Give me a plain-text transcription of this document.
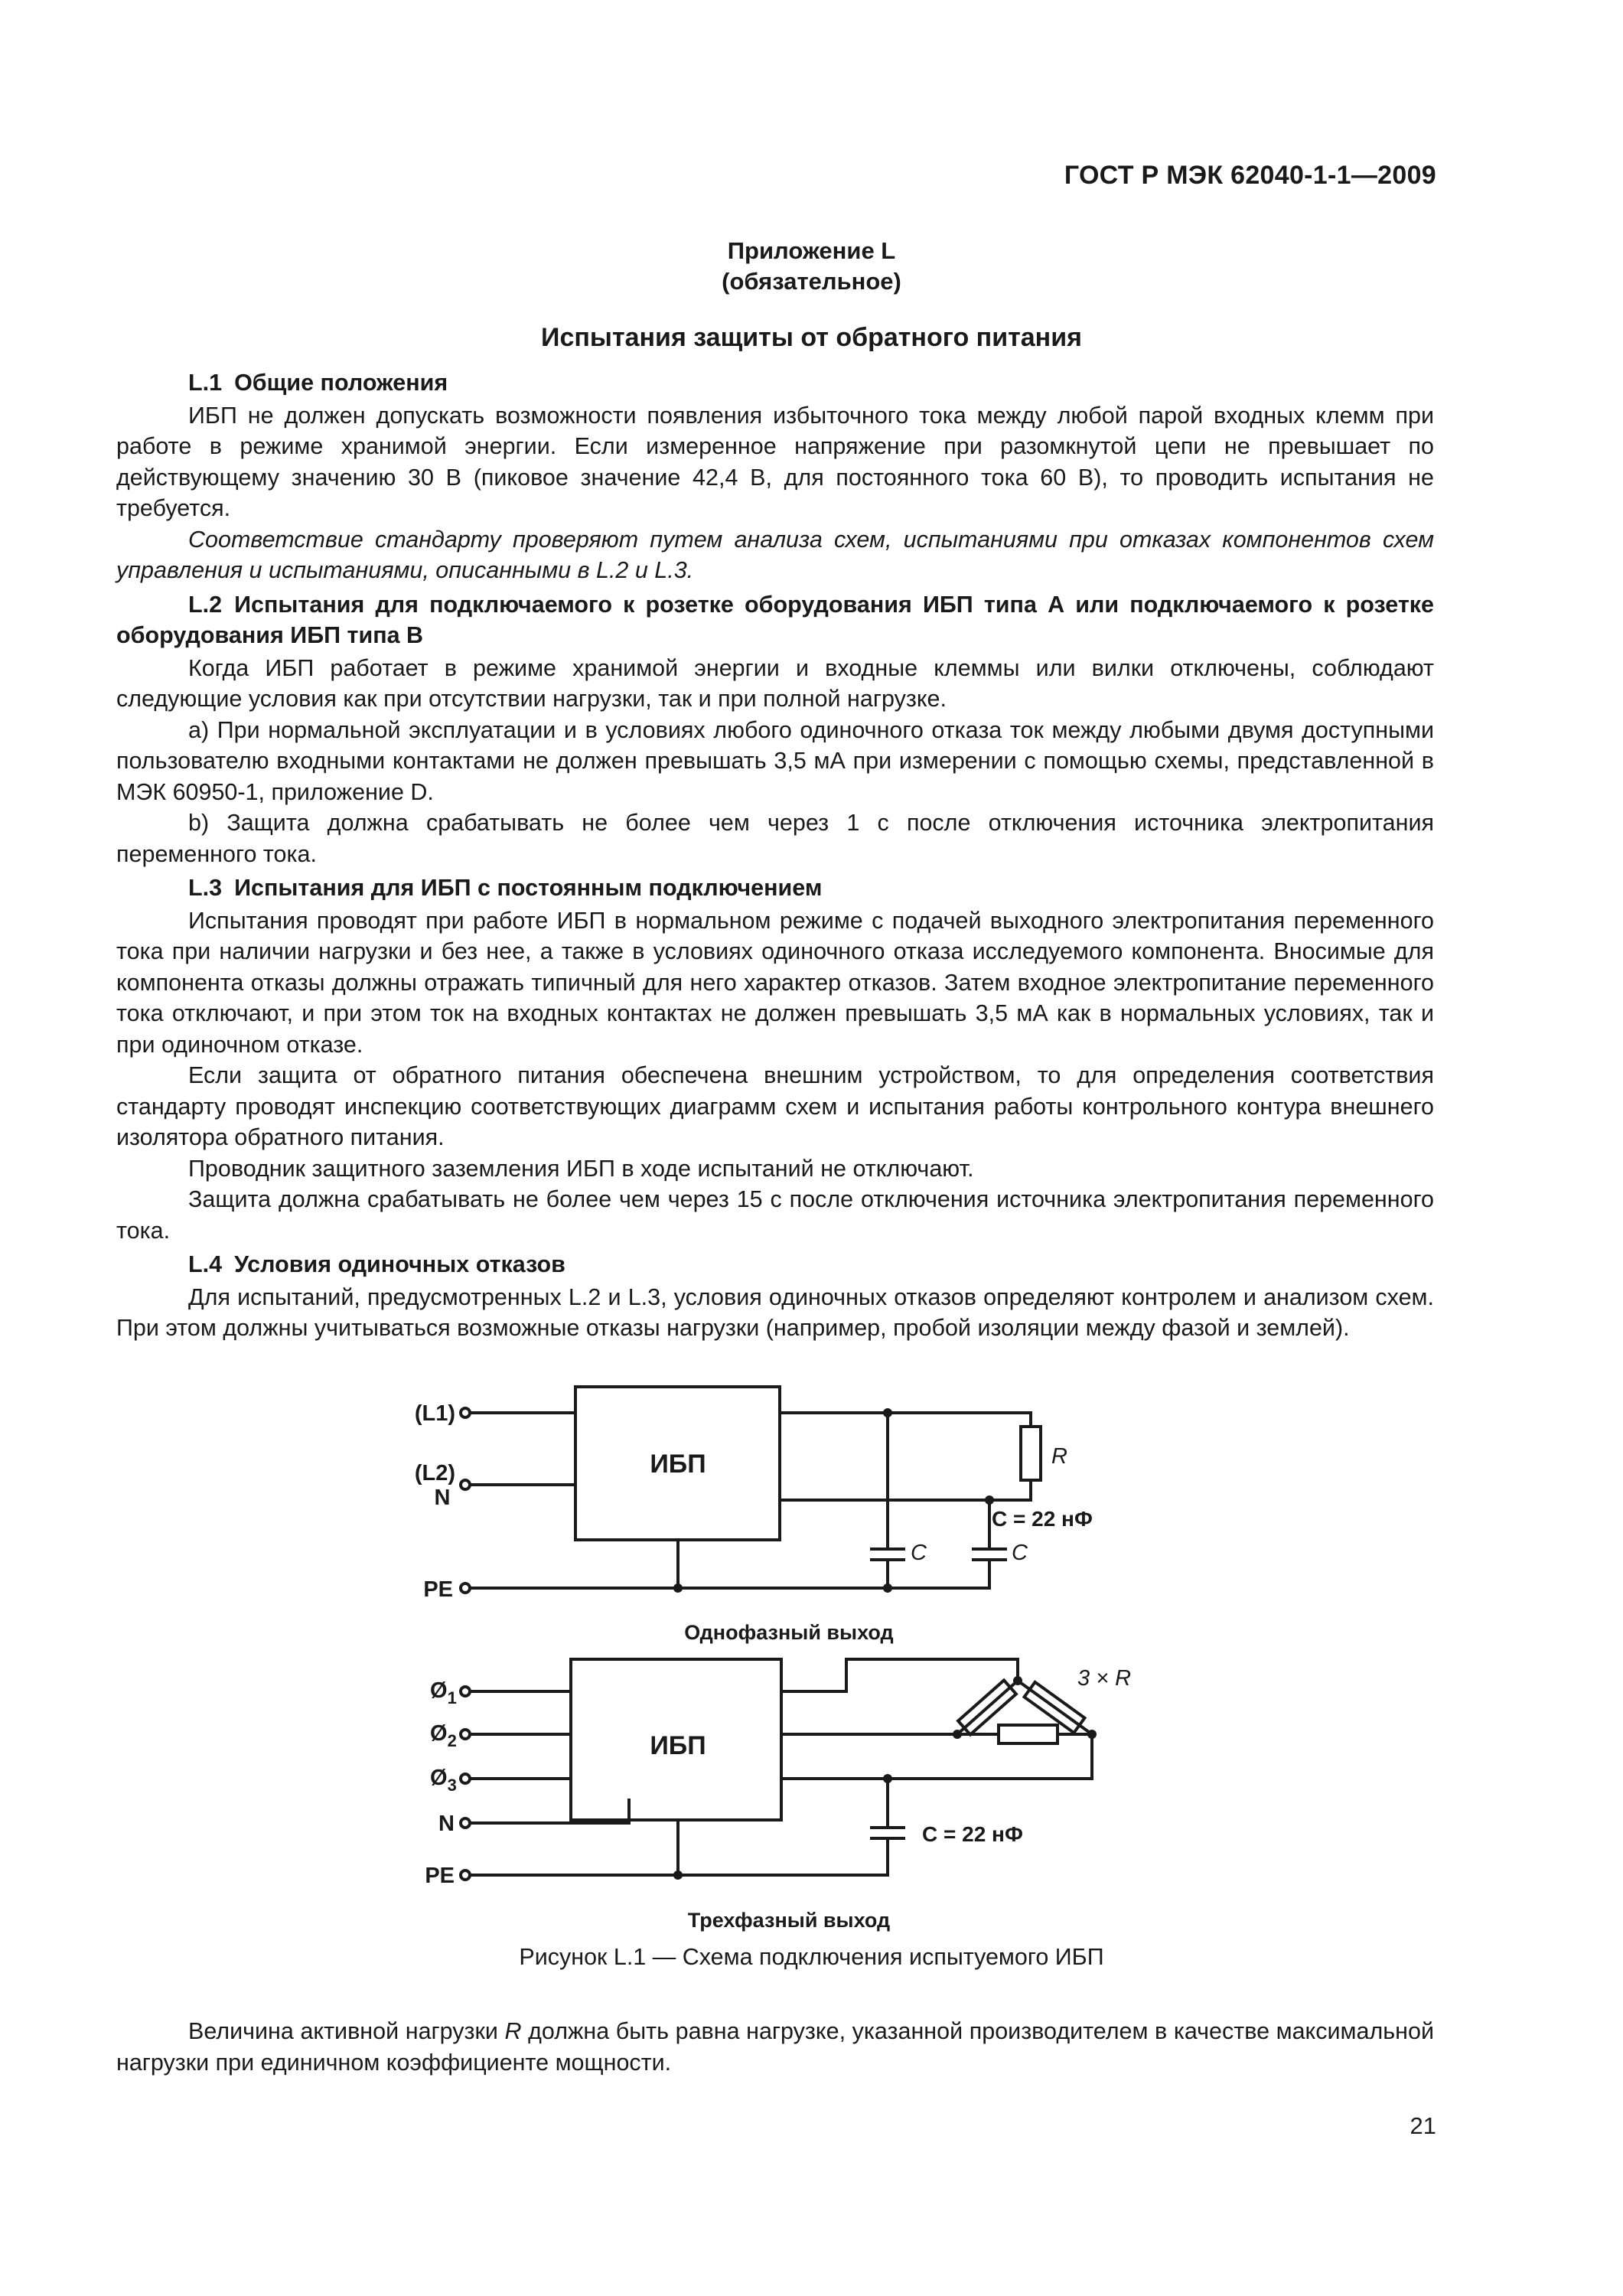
ГОСТ Р МЭК 62040-1-1—2009
Приложение L
(обязательное)
Испытания защиты от обратного питания
L.1 Общие положения

ИБП не должен допускать возможности появления избыточного тока между любой парой входных клемм при работе в режиме хранимой энергии. Если измеренное напряжение при разомкнутой цепи не превышает по действующему значению 30 В (пиковое значение 42,4 В, для постоянного тока 60 В), то проводить испытания не требуется.

Соответствие стандарту проверяют путем анализа схем, испытаниями при отказах компонентов схем управления и испытаниями, описанными в L.2 и L.3.

L.2 Испытания для подключаемого к розетке оборудования ИБП типа А или подключаемого к розетке оборудования ИБП типа В

Когда ИБП работает в режиме хранимой энергии и входные клеммы или вилки отключены, соблюдают следующие условия как при отсутствии нагрузки, так и при полной нагрузке.

a) При нормальной эксплуатации и в условиях любого одиночного отказа ток между любыми двумя доступными пользователю входными контактами не должен превышать 3,5 мА при измерении с помощью схемы, представленной в МЭК 60950-1, приложение D.

b) Защита должна срабатывать не более чем через 1 с после отключения источника электропитания переменного тока.

L.3 Испытания для ИБП с постоянным подключением

Испытания проводят при работе ИБП в нормальном режиме с подачей выходного электропитания переменного тока при наличии нагрузки и без нее, а также в условиях одиночного отказа исследуемого компонента. Вносимые для компонента отказы должны отражать типичный для него характер отказов. Затем входное электропитание переменного тока отключают, и при этом ток на входных контактах не должен превышать 3,5 мА как в нормальных условиях, так и при одиночном отказе.

Если защита от обратного питания обеспечена внешним устройством, то для определения соответствия стандарту проводят инспекцию соответствующих диаграмм схем и испытания работы контрольного контура внешнего изолятора обратного питания.

Проводник защитного заземления ИБП в ходе испытаний не отключают.

Защита должна срабатывать не более чем через 15 с после отключения источника электропитания переменного тока.

L.4 Условия одиночных отказов

Для испытаний, предусмотренных L.2 и L.3, условия одиночных отказов определяют контролем и анализом схем. При этом должны учитываться возможные отказы нагрузки (например, пробой изоляции между фазой и землей).

ИБП
(L1)
(L2)
N
PE
R
C = 22 нФ
C	C
Однофазный выход
ИБП
$Ø_1$
$Ø_2$
$Ø_3$
N
PE
3 × R
C = 22 нФ
Трехфазный выход
Рисунок L.1 — Схема подключения испытуемого ИБП

Величина активной нагрузки R должна быть равна нагрузке, указанной производителем в качестве максимальной нагрузки при единичном коэффициенте мощности.

21
